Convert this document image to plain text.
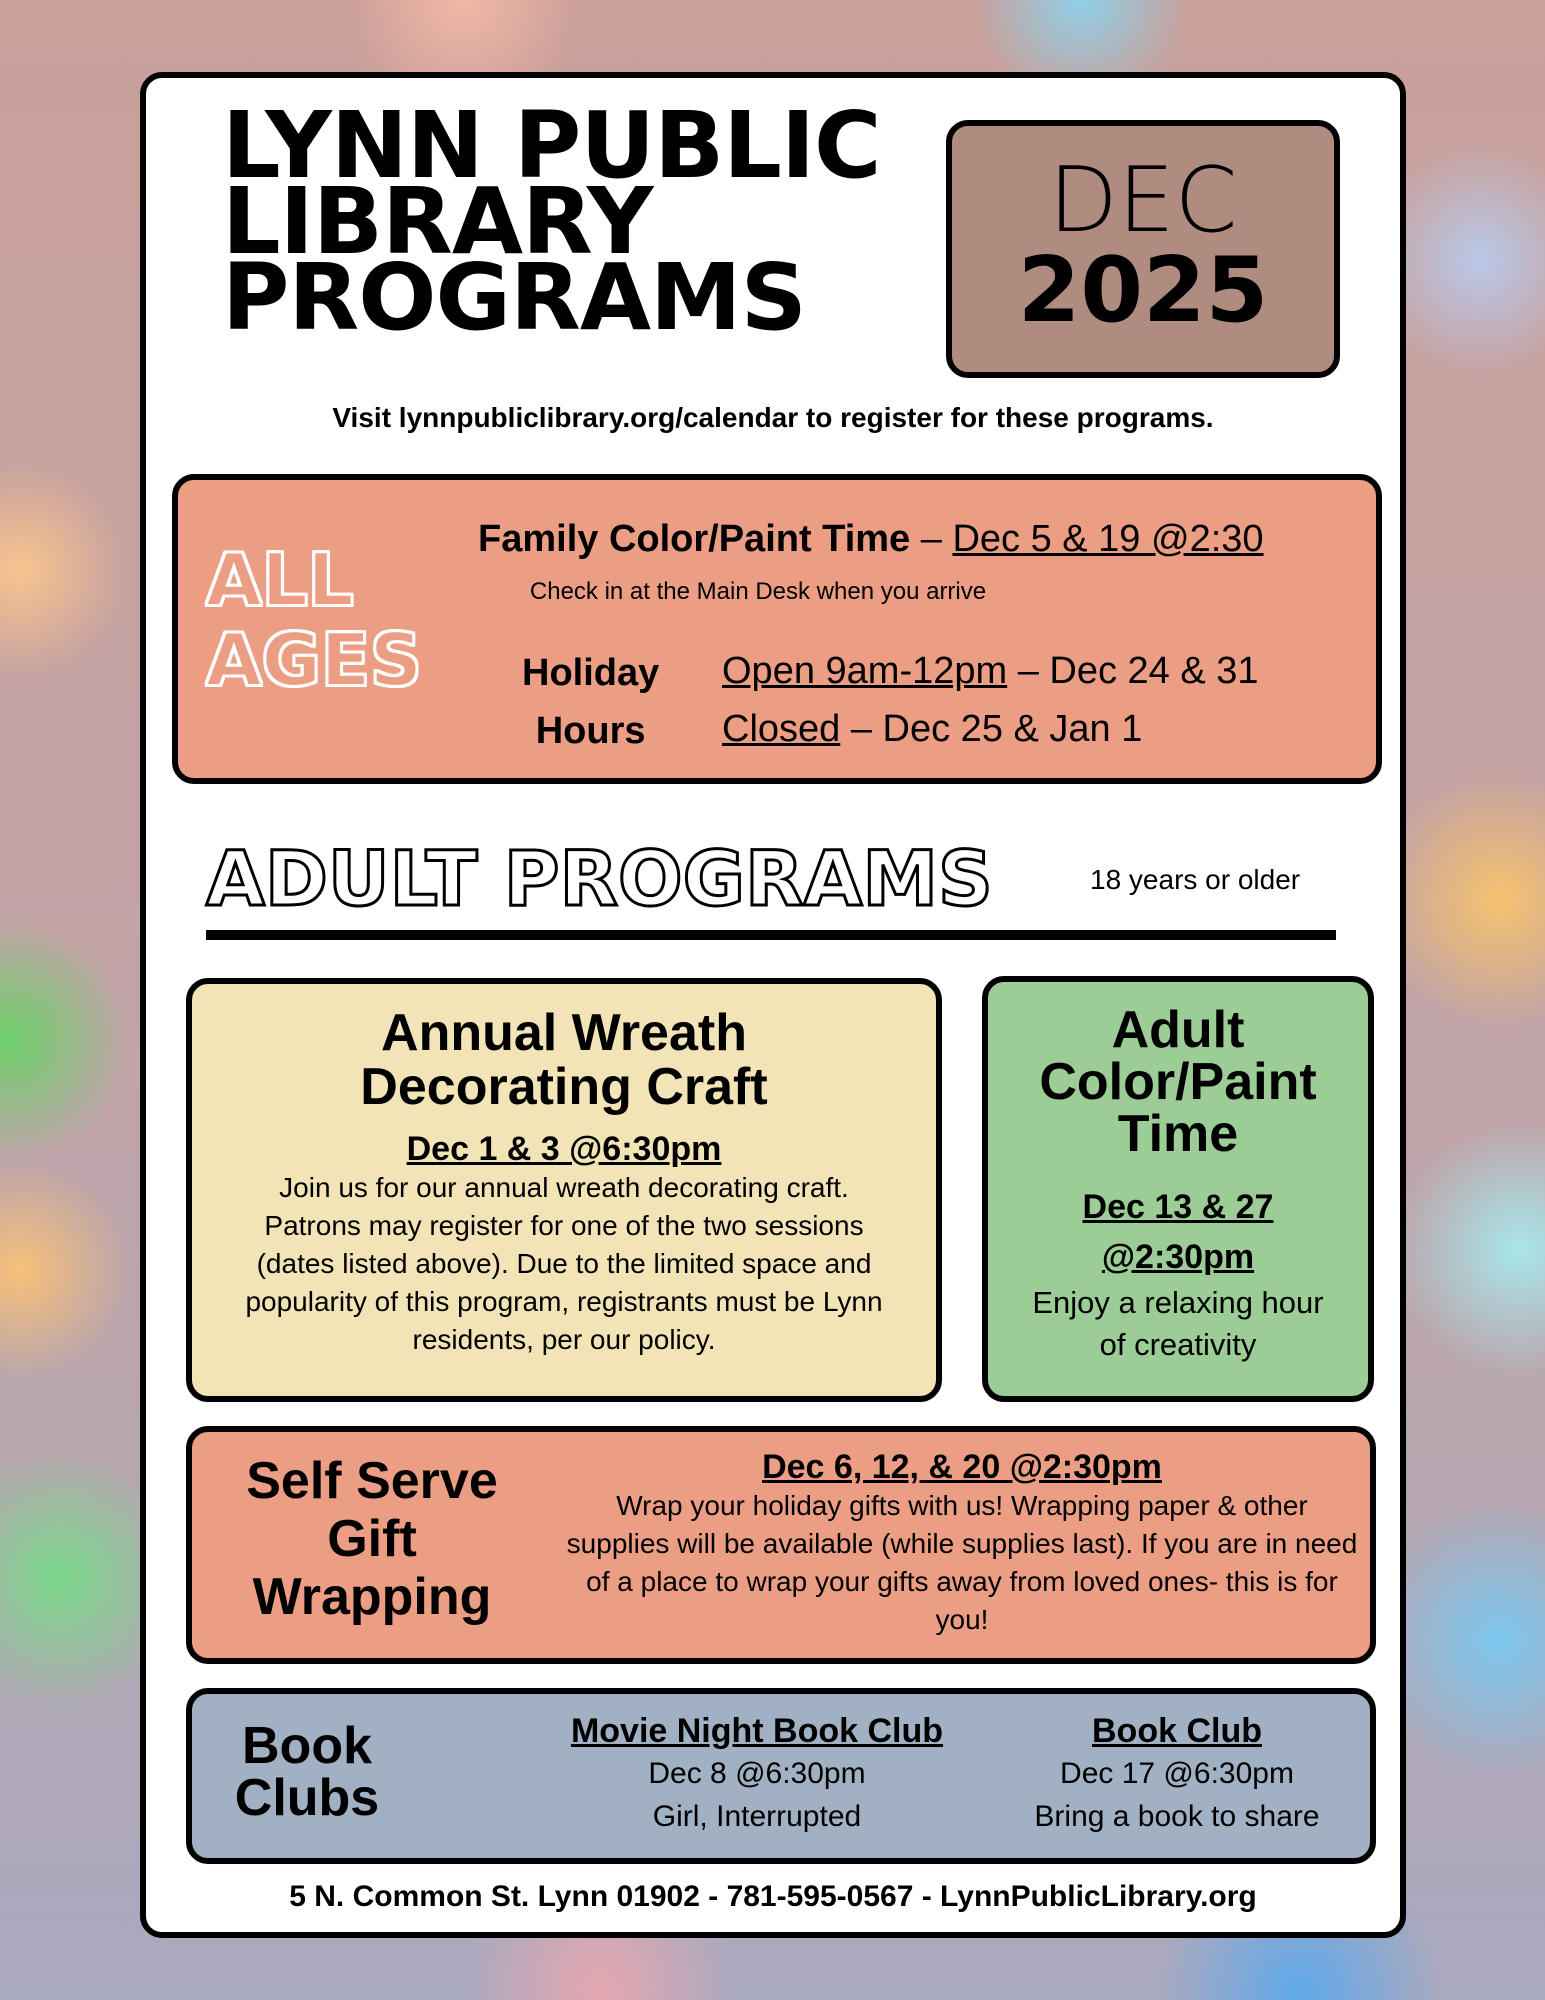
LYNN PUBLIC
LIBRARY
PROGRAMS
DEC
2025
Visit lynnpubliclibrary.org/calendar to register for these programs.
ALL
AGES
Family Color/Paint Time – Dec 5 & 19 @2:30
Check in at the Main Desk when you arrive
Holiday
Hours
Open 9am-12pm – Dec 24 & 31
Closed – Dec 25 & Jan 1
ADULT PROGRAMS	18 years or older
Annual Wreath
Decorating Craft
Dec 1 & 3 @6:30pm
Join us for our annual wreath decorating craft. Patrons may register for one of the two sessions (dates listed above). Due to the limited space and popularity of this program, registrants must be Lynn residents, per our policy.
Adult
Color/Paint
Time
Dec 13 & 27
@2:30pm
Enjoy a relaxing hour of creativity
Self Serve
Gift
Wrapping
Dec 6, 12, & 20 @2:30pm
Wrap your holiday gifts with us! Wrapping paper & other supplies will be available (while supplies last). If you are in need of a place to wrap your gifts away from loved ones- this is for you!
Book
Clubs
Movie Night Book Club
Dec 8 @6:30pm
Girl, Interrupted
Book Club
Dec 17 @6:30pm
Bring a book to share
5 N. Common St. Lynn 01902 - 781-595-0567 - LynnPublicLibrary.org
